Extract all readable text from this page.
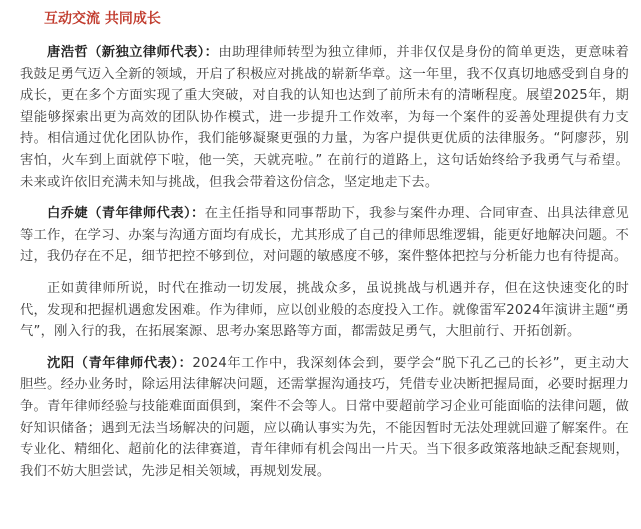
互动交流 共同成长

唐浩哲（新独立律师代表）：由助理律师转型为独立律师，并非仅仅是身份的简单更迭，更意味着我鼓足勇气迈入全新的领域，开启了积极应对挑战的崭新华章。这一年里，我不仅真切地感受到自身的成长，更在多个方面实现了重大突破，对自我的认知也达到了前所未有的清晰程度。展望2025年，期望能够探索出更为高效的团队协作模式，进一步提升工作效率，为每一个案件的妥善处理提供有力支持。相信通过优化团队协作，我们能够凝聚更强的力量，为客户提供更优质的法律服务。“阿廖莎，别害怕，火车到上面就停下啦，他一笑，天就亮啦。” 在前行的道路上，这句话始终给予我勇气与希望。未来或许依旧充满未知与挑战，但我会带着这份信念，坚定地走下去。

白乔婕（青年律师代表）：在主任指导和同事帮助下，我参与案件办理、合同审查、出具法律意见等工作，在学习、办案与沟通方面均有成长，尤其形成了自己的律师思维逻辑，能更好地解决问题。不过，我仍存在不足，细节把控不够到位，对问题的敏感度不够，案件整体把控与分析能力也有待提高。

正如黄律师所说，时代在推动一切发展，挑战众多，虽说挑战与机遇并存，但在这快速变化的时代，发现和把握机遇愈发困难。作为律师，应以创业般的态度投入工作。就像雷军2024年演讲主题“勇气”，刚入行的我，在拓展案源、思考办案思路等方面，都需鼓足勇气，大胆前行、开拓创新。

沈阳（青年律师代表）：2024年工作中，我深刻体会到，要学会“脱下孔乙己的长衫”，更主动大胆些。经办业务时，除运用法律解决问题，还需掌握沟通技巧，凭借专业决断把握局面，必要时据理力争。青年律师经验与技能难面面俱到，案件不会等人。日常中要超前学习企业可能面临的法律问题，做好知识储备；遇到无法当场解决的问题，应以确认事实为先，不能因暂时无法处理就回避了解案件。在专业化、精细化、超前化的法律赛道，青年律师有机会闯出一片天。当下很多政策落地缺乏配套规则，我们不妨大胆尝试，先涉足相关领域，再规划发展。
